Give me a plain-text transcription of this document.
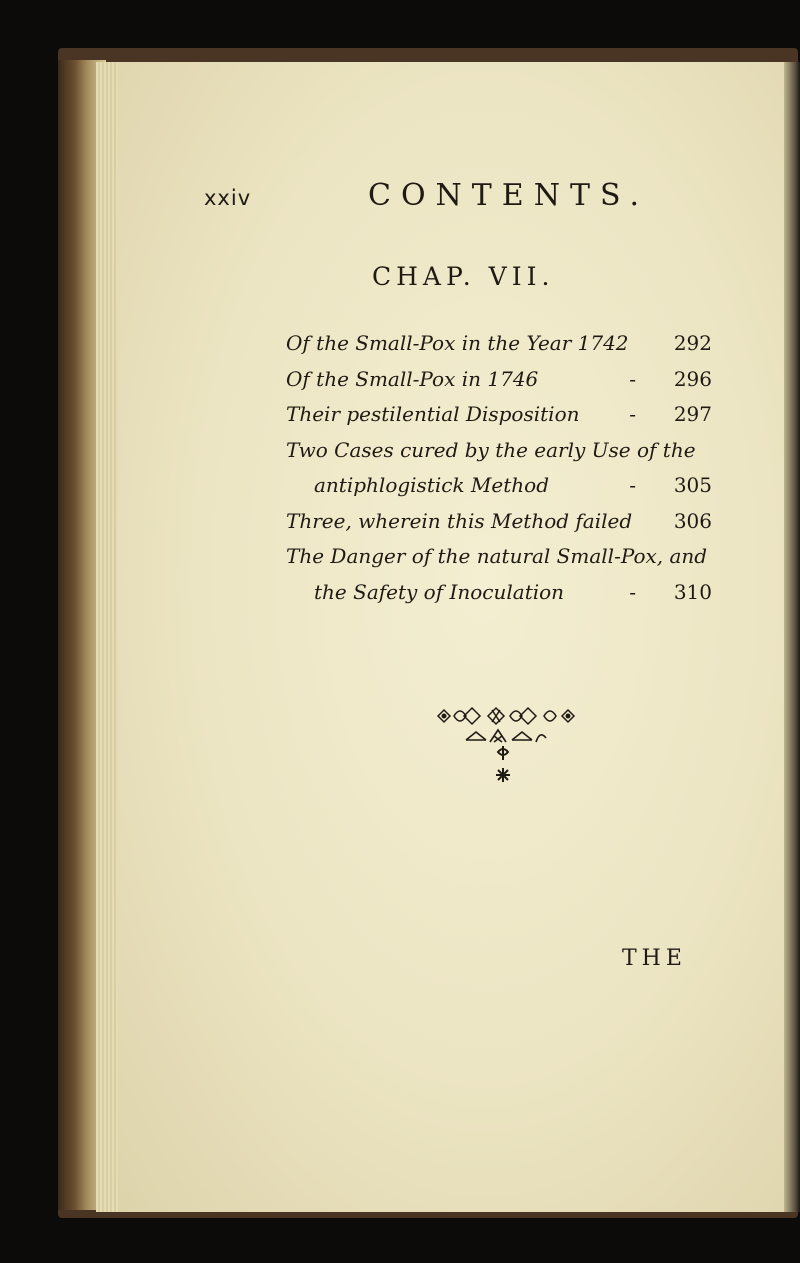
xxiv	CONTENTS.
CHAP. VII.
Of the Small-Pox in the Year 1742 292
Of the Small-Pox in 1746	- 296
Their pestilential Disposition - 297
Two Cases cured by the early Use of the
antiphlogistick Method	- 305
Three, wherein this Method failed 306
The Danger of the natural Small-Pox, and
the Safety of Inoculation	- 310
THE
